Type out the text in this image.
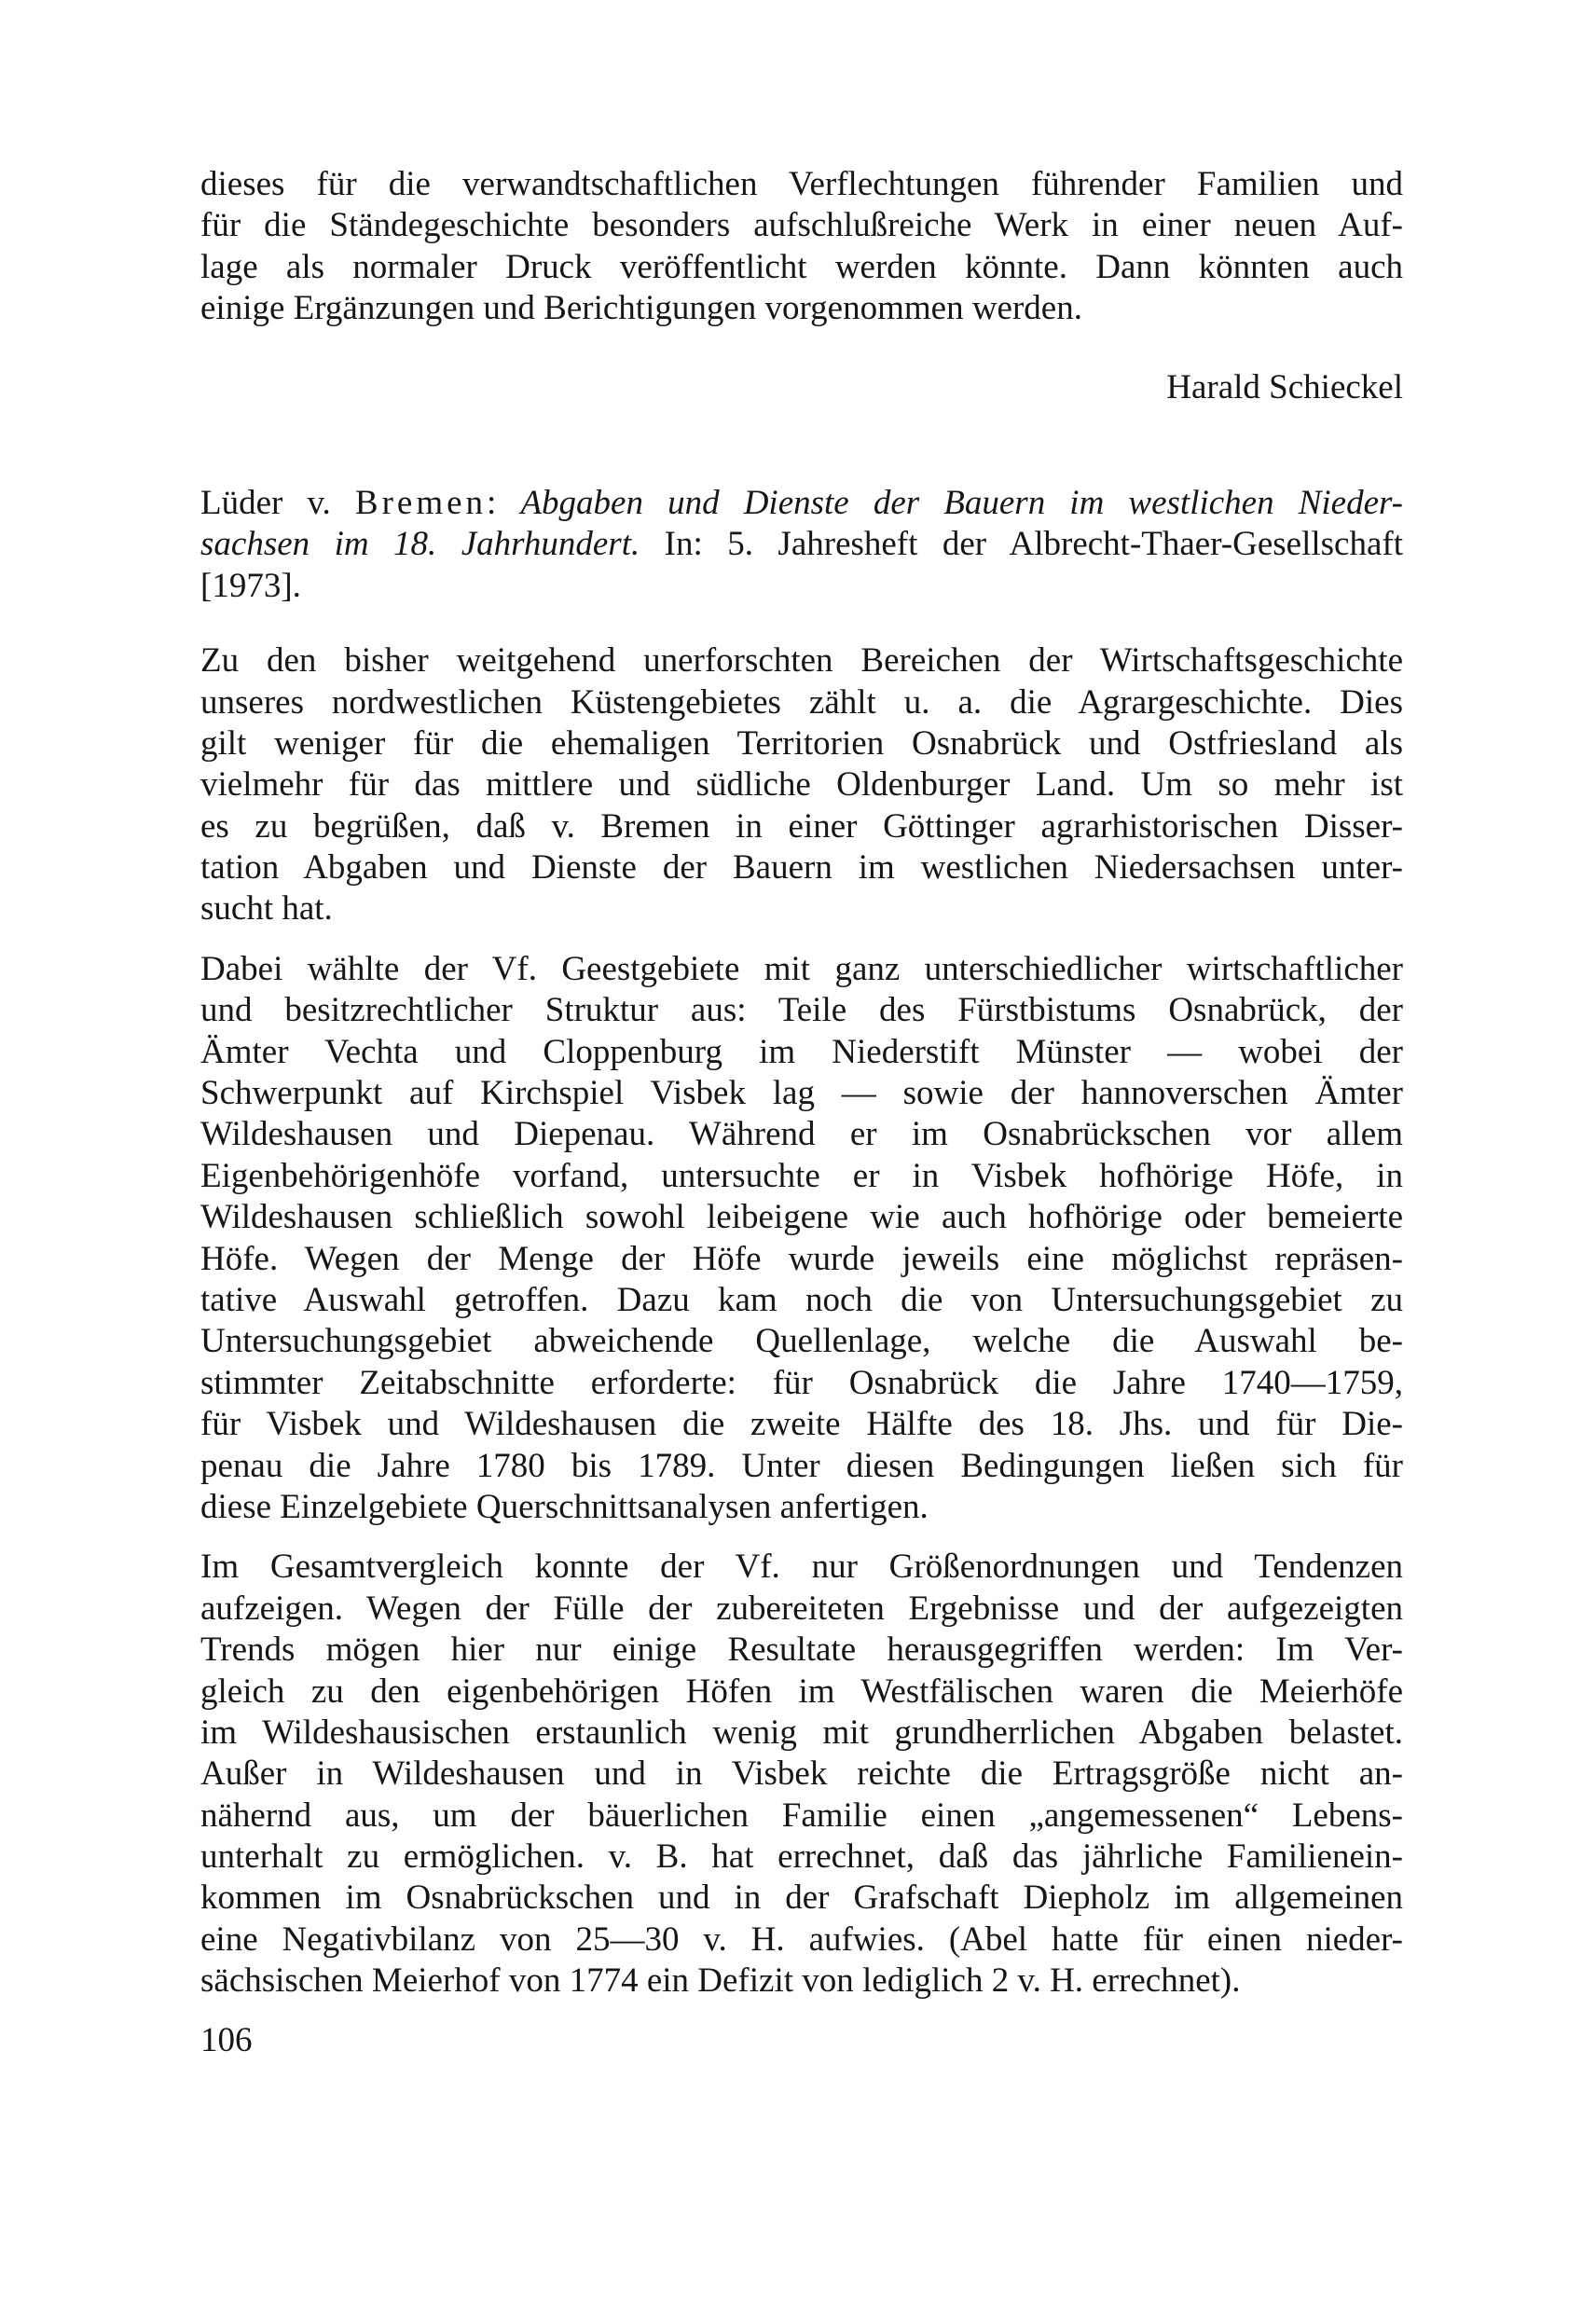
dieses für die verwandtschaftlichen Verflechtungen führender Familien und
für die Ständegeschichte besonders aufschlußreiche Werk in einer neuen Auf-
lage als normaler Druck veröffentlicht werden könnte. Dann könnten auch
einige Ergänzungen und Berichtigungen vorgenommen werden.
Harald Schieckel
Lüder v. Bremen: Abgaben und Dienste der Bauern im westlichen Nieder-
sachsen im 18. Jahrhundert. In: 5. Jahresheft der Albrecht-Thaer-Gesellschaft
[1973].
Zu den bisher weitgehend unerforschten Bereichen der Wirtschaftsgeschichte
unseres nordwestlichen Küstengebietes zählt u. a. die Agrargeschichte. Dies
gilt weniger für die ehemaligen Territorien Osnabrück und Ostfriesland als
vielmehr für das mittlere und südliche Oldenburger Land. Um so mehr ist
es zu begrüßen, daß v. Bremen in einer Göttinger agrarhistorischen Disser-
tation Abgaben und Dienste der Bauern im westlichen Niedersachsen unter-
sucht hat.
Dabei wählte der Vf. Geestgebiete mit ganz unterschiedlicher wirtschaftlicher
und besitzrechtlicher Struktur aus: Teile des Fürstbistums Osnabrück, der
Ämter Vechta und Cloppenburg im Niederstift Münster — wobei der
Schwerpunkt auf Kirchspiel Visbek lag — sowie der hannoverschen Ämter
Wildeshausen und Diepenau. Während er im Osnabrückschen vor allem
Eigenbehörigenhöfe vorfand, untersuchte er in Visbek hofhörige Höfe, in
Wildeshausen schließlich sowohl leibeigene wie auch hofhörige oder bemeierte
Höfe. Wegen der Menge der Höfe wurde jeweils eine möglichst repräsen-
tative Auswahl getroffen. Dazu kam noch die von Untersuchungsgebiet zu
Untersuchungsgebiet abweichende Quellenlage, welche die Auswahl be-
stimmter Zeitabschnitte erforderte: für Osnabrück die Jahre 1740—1759,
für Visbek und Wildeshausen die zweite Hälfte des 18. Jhs. und für Die-
penau die Jahre 1780 bis 1789. Unter diesen Bedingungen ließen sich für
diese Einzelgebiete Querschnittsanalysen anfertigen.
Im Gesamtvergleich konnte der Vf. nur Größenordnungen und Tendenzen
aufzeigen. Wegen der Fülle der zubereiteten Ergebnisse und der aufgezeigten
Trends mögen hier nur einige Resultate herausgegriffen werden: Im Ver-
gleich zu den eigenbehörigen Höfen im Westfälischen waren die Meierhöfe
im Wildeshausischen erstaunlich wenig mit grundherrlichen Abgaben belastet.
Außer in Wildeshausen und in Visbek reichte die Ertragsgröße nicht an-
nähernd aus, um der bäuerlichen Familie einen „angemessenen“ Lebens-
unterhalt zu ermöglichen. v. B. hat errechnet, daß das jährliche Familienein-
kommen im Osnabrückschen und in der Grafschaft Diepholz im allgemeinen
eine Negativbilanz von 25—30 v. H. aufwies. (Abel hatte für einen nieder-
sächsischen Meierhof von 1774 ein Defizit von lediglich 2 v. H. errechnet).
106
